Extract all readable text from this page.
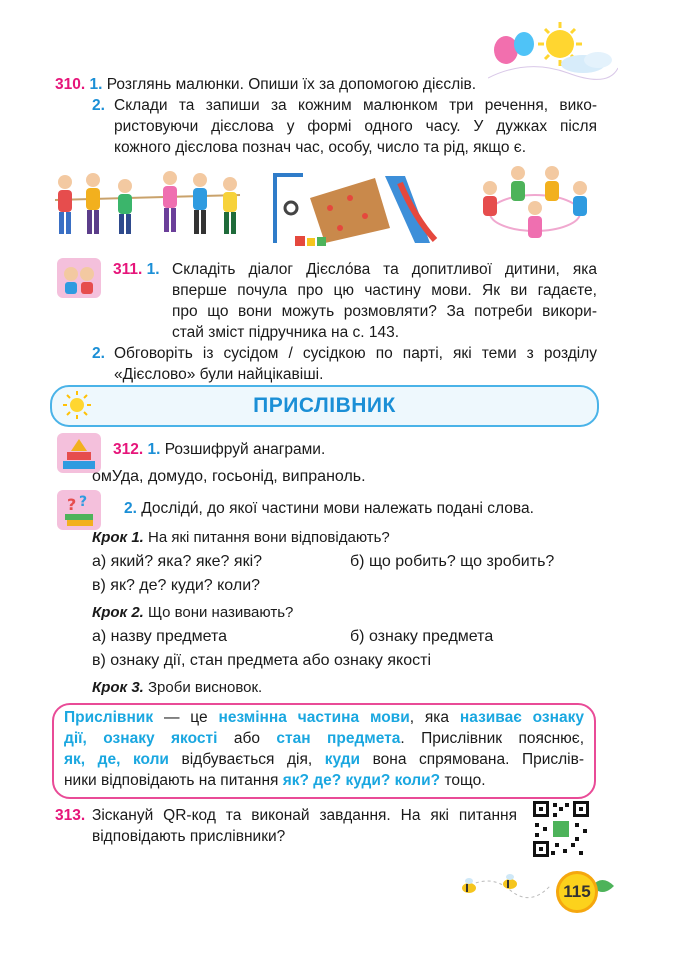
310. 1. Розглянь малюнки. Опиши їх за допомогою дієслів.
2. Склади та запиши за кожним малюнком три речення, вико-
ристовуючи дієслова у формі одного часу. У дужках після
кожного дієслова познач час, особу, число та рід, якщо є.
311. 1. Складіть діалог Дієсло́ва та допитливої дитини, яка
вперше почула про цю частину мови. Як ви гадаєте,
про що вони можуть розмовляти? За потреби викори-
стай зміст підручника на с. 143.
2. Обговоріть із сусідом / сусідкою по парті, які теми з розділу
«Дієслово» були найцікавіші.
ПРИСЛІВНИК
312. 1. Розшифруй анаграми.
омУда, домудо, госьонід, випраноль.
? ? 2. Досліди́, до якої частини мови належать подані слова.
Крок 1. На які питання вони відповідають?
а) який? яка? яке? які?	б) що робить? що зробить?
в) як? де? куди? коли?
Крок 2. Що вони називають?
а) назву предмета	б) ознаку предмета
в) ознаку дії, стан предмета або ознаку якості
Крок 3. Зроби висновок.
Прислівник — це незмінна частина мови, яка називає ознаку
дії, ознаку якості або стан предмета. Прислівник пояснює,
як, де, коли відбувається дія, куди вона спрямована. Прислів-
ники відповідають на питання як? де? куди? коли? тощо.
313. Зіскануй QR-код та виконай завдання. На які питання
відповідають прислівники?
115
